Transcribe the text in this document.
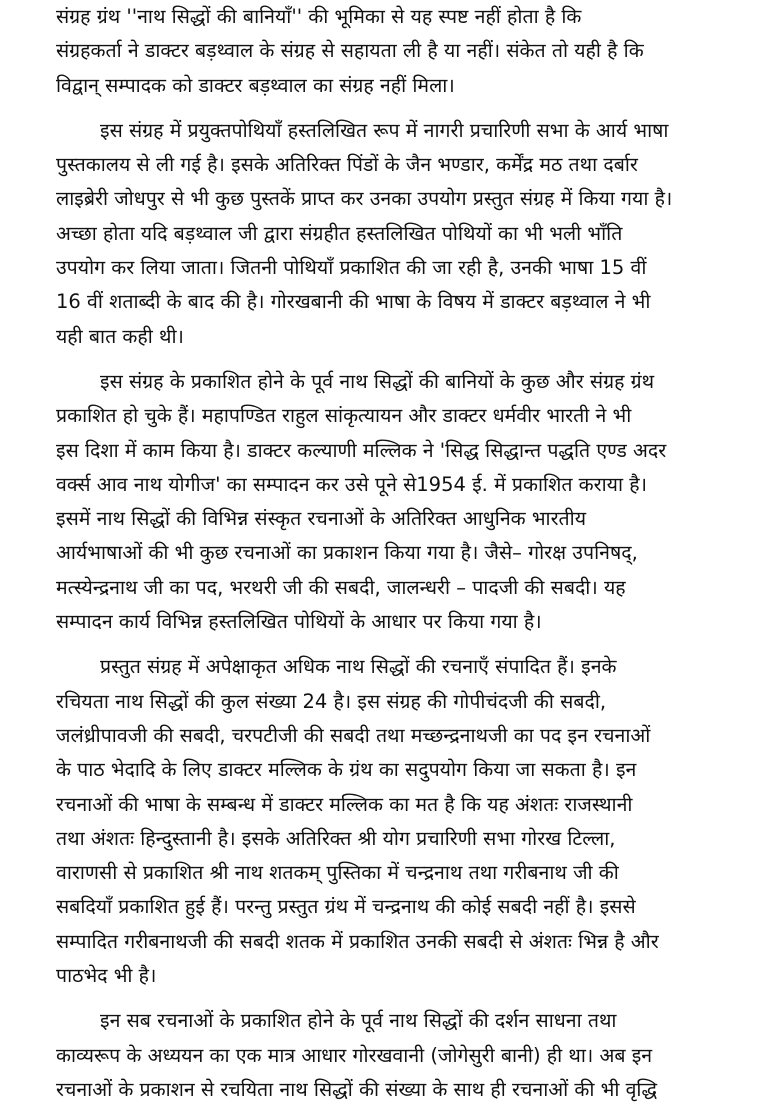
संग्रह ग्रंथ ''नाथ सिद्धों की बानियाँ'' की भूमिका से यह स्पष्ट नहीं होता है कि
संग्रहकर्ता ने डाक्टर बड़थ्वाल के संग्रह से सहायता ली है या नहीं। संकेत तो यही है कि
विद्वान् सम्पादक को डाक्टर बड़थ्वाल का संग्रह नहीं मिला।
इस संग्रह में प्रयुक्तपोथियाँ हस्तलिखित रूप में नागरी प्रचारिणी सभा के आर्य भाषा
पुस्तकालय से ली गई है। इसके अतिरिक्त पिंडों के जैन भण्डार, कर्मेंद्र मठ तथा दर्बार
लाइब्रेरी जोधपुर से भी कुछ पुस्तकें प्राप्त कर उनका उपयोग प्रस्तुत संग्रह में किया गया है।
अच्छा होता यदि बड़थ्वाल जी द्वारा संग्रहीत हस्तलिखित पोथियों का भी भली भाँति
उपयोग कर लिया जाता। जितनी पोथियाँ प्रकाशित की जा रही है, उनकी भाषा 15 वीं
16 वीं शताब्दी के बाद की है। गोरखबानी की भाषा के विषय में डाक्टर बड़थ्वाल ने भी
यही बात कही थी।
इस संग्रह के प्रकाशित होने के पूर्व नाथ सिद्धों की बानियों के कुछ और संग्रह ग्रंथ
प्रकाशित हो चुके हैं। महापण्डित राहुल सांकृत्यायन और डाक्टर धर्मवीर भारती ने भी
इस दिशा में काम किया है। डाक्टर कल्याणी मल्लिक ने 'सिद्ध सिद्धान्त पद्धति एण्ड अदर
वर्क्स आव नाथ योगीज' का सम्पादन कर उसे पूने से1954 ई. में प्रकाशित कराया है।
इसमें नाथ सिद्धों की विभिन्न संस्कृत रचनाओं के अतिरिक्त आधुनिक भारतीय
आर्यभाषाओं की भी कुछ रचनाओं का प्रकाशन किया गया है। जैसे– गोरक्ष उपनिषद्,
मत्स्येन्द्रनाथ जी का पद, भरथरी जी की सबदी, जालन्धरी – पादजी की सबदी। यह
सम्पादन कार्य विभिन्न हस्तलिखित पोथियों के आधार पर किया गया है।
प्रस्तुत संग्रह में अपेक्षाकृत अधिक नाथ सिद्धों की रचनाएँ संपादित हैं। इनके
रचियता नाथ सिद्धों की कुल संख्या 24 है। इस संग्रह की गोपीचंदजी की सबदी,
जलंध्रीपावजी की सबदी, चरपटीजी की सबदी तथा मच्छन्द्रनाथजी का पद इन रचनाओं
के पाठ भेदादि के लिए डाक्टर मल्लिक के ग्रंथ का सदुपयोग किया जा सकता है। इन
रचनाओं की भाषा के सम्बन्ध में डाक्टर मल्लिक का मत है कि यह अंशतः राजस्थानी
तथा अंशतः हिन्दुस्तानी है। इसके अतिरिक्त श्री योग प्रचारिणी सभा गोरख टिल्ला,
वाराणसी से प्रकाशित श्री नाथ शतकम् पुस्तिका में चन्द्रनाथ तथा गरीबनाथ जी की
सबदियाँ प्रकाशित हुई हैं। परन्तु प्रस्तुत ग्रंथ में चन्द्रनाथ की कोई सबदी नहीं है। इससे
सम्पादित गरीबनाथजी की सबदी शतक में प्रकाशित उनकी सबदी से अंशतः भिन्न है और
पाठभेद भी है।
इन सब रचनाओं के प्रकाशित होने के पूर्व नाथ सिद्धों की दर्शन साधना तथा
काव्यरूप के अध्ययन का एक मात्र आधार गोरखवानी (जोगेसुरी बानी) ही था। अब इन
रचनाओं के प्रकाशन से रचयिता नाथ सिद्धों की संख्या के साथ ही रचनाओं की भी वृद्धि
